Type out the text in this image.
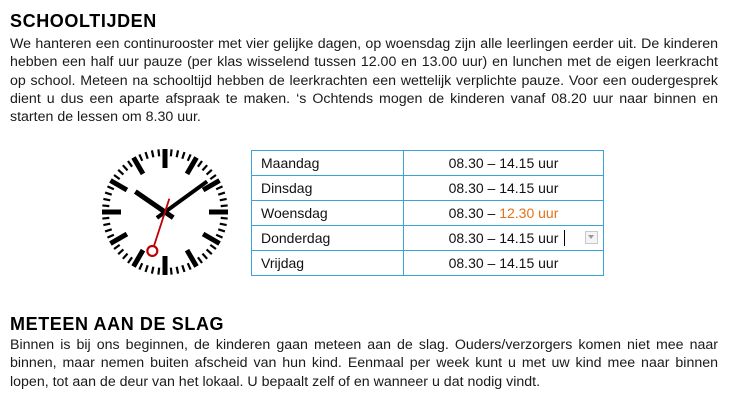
SCHOOLTIJDEN

We hanteren een continurooster met vier gelijke dagen, op woensdag zijn alle leerlingen eerder uit. De kinderen hebben een half uur pauze (per klas wisselend tussen 12.00 en 13.00 uur) en lunchen met de eigen leerkracht op school. Meteen na schooltijd hebben de leerkrachten een wettelijk verplichte pauze. Voor een oudergesprek dient u dus een aparte afspraak te maken. ‘s Ochtends mogen de kinderen vanaf 08.20 uur naar binnen en starten de lessen om 8.30 uur.

Maandag	08.30 – 14.15 uur
Dinsdag	08.30 – 14.15 uur
Woensdag	08.30 – 12.30 uur
Donderdag	08.30 – 14.15 uur

Vrijdag	08.30 – 14.15 uur
METEEN AAN DE SLAG

Binnen is bij ons beginnen, de kinderen gaan meteen aan de slag. Ouders/verzorgers komen niet mee naar binnen, maar nemen buiten afscheid van hun kind. Eenmaal per week kunt u met uw kind mee naar binnen lopen, tot aan de deur van het lokaal. U bepaalt zelf of en wanneer u dat nodig vindt.
